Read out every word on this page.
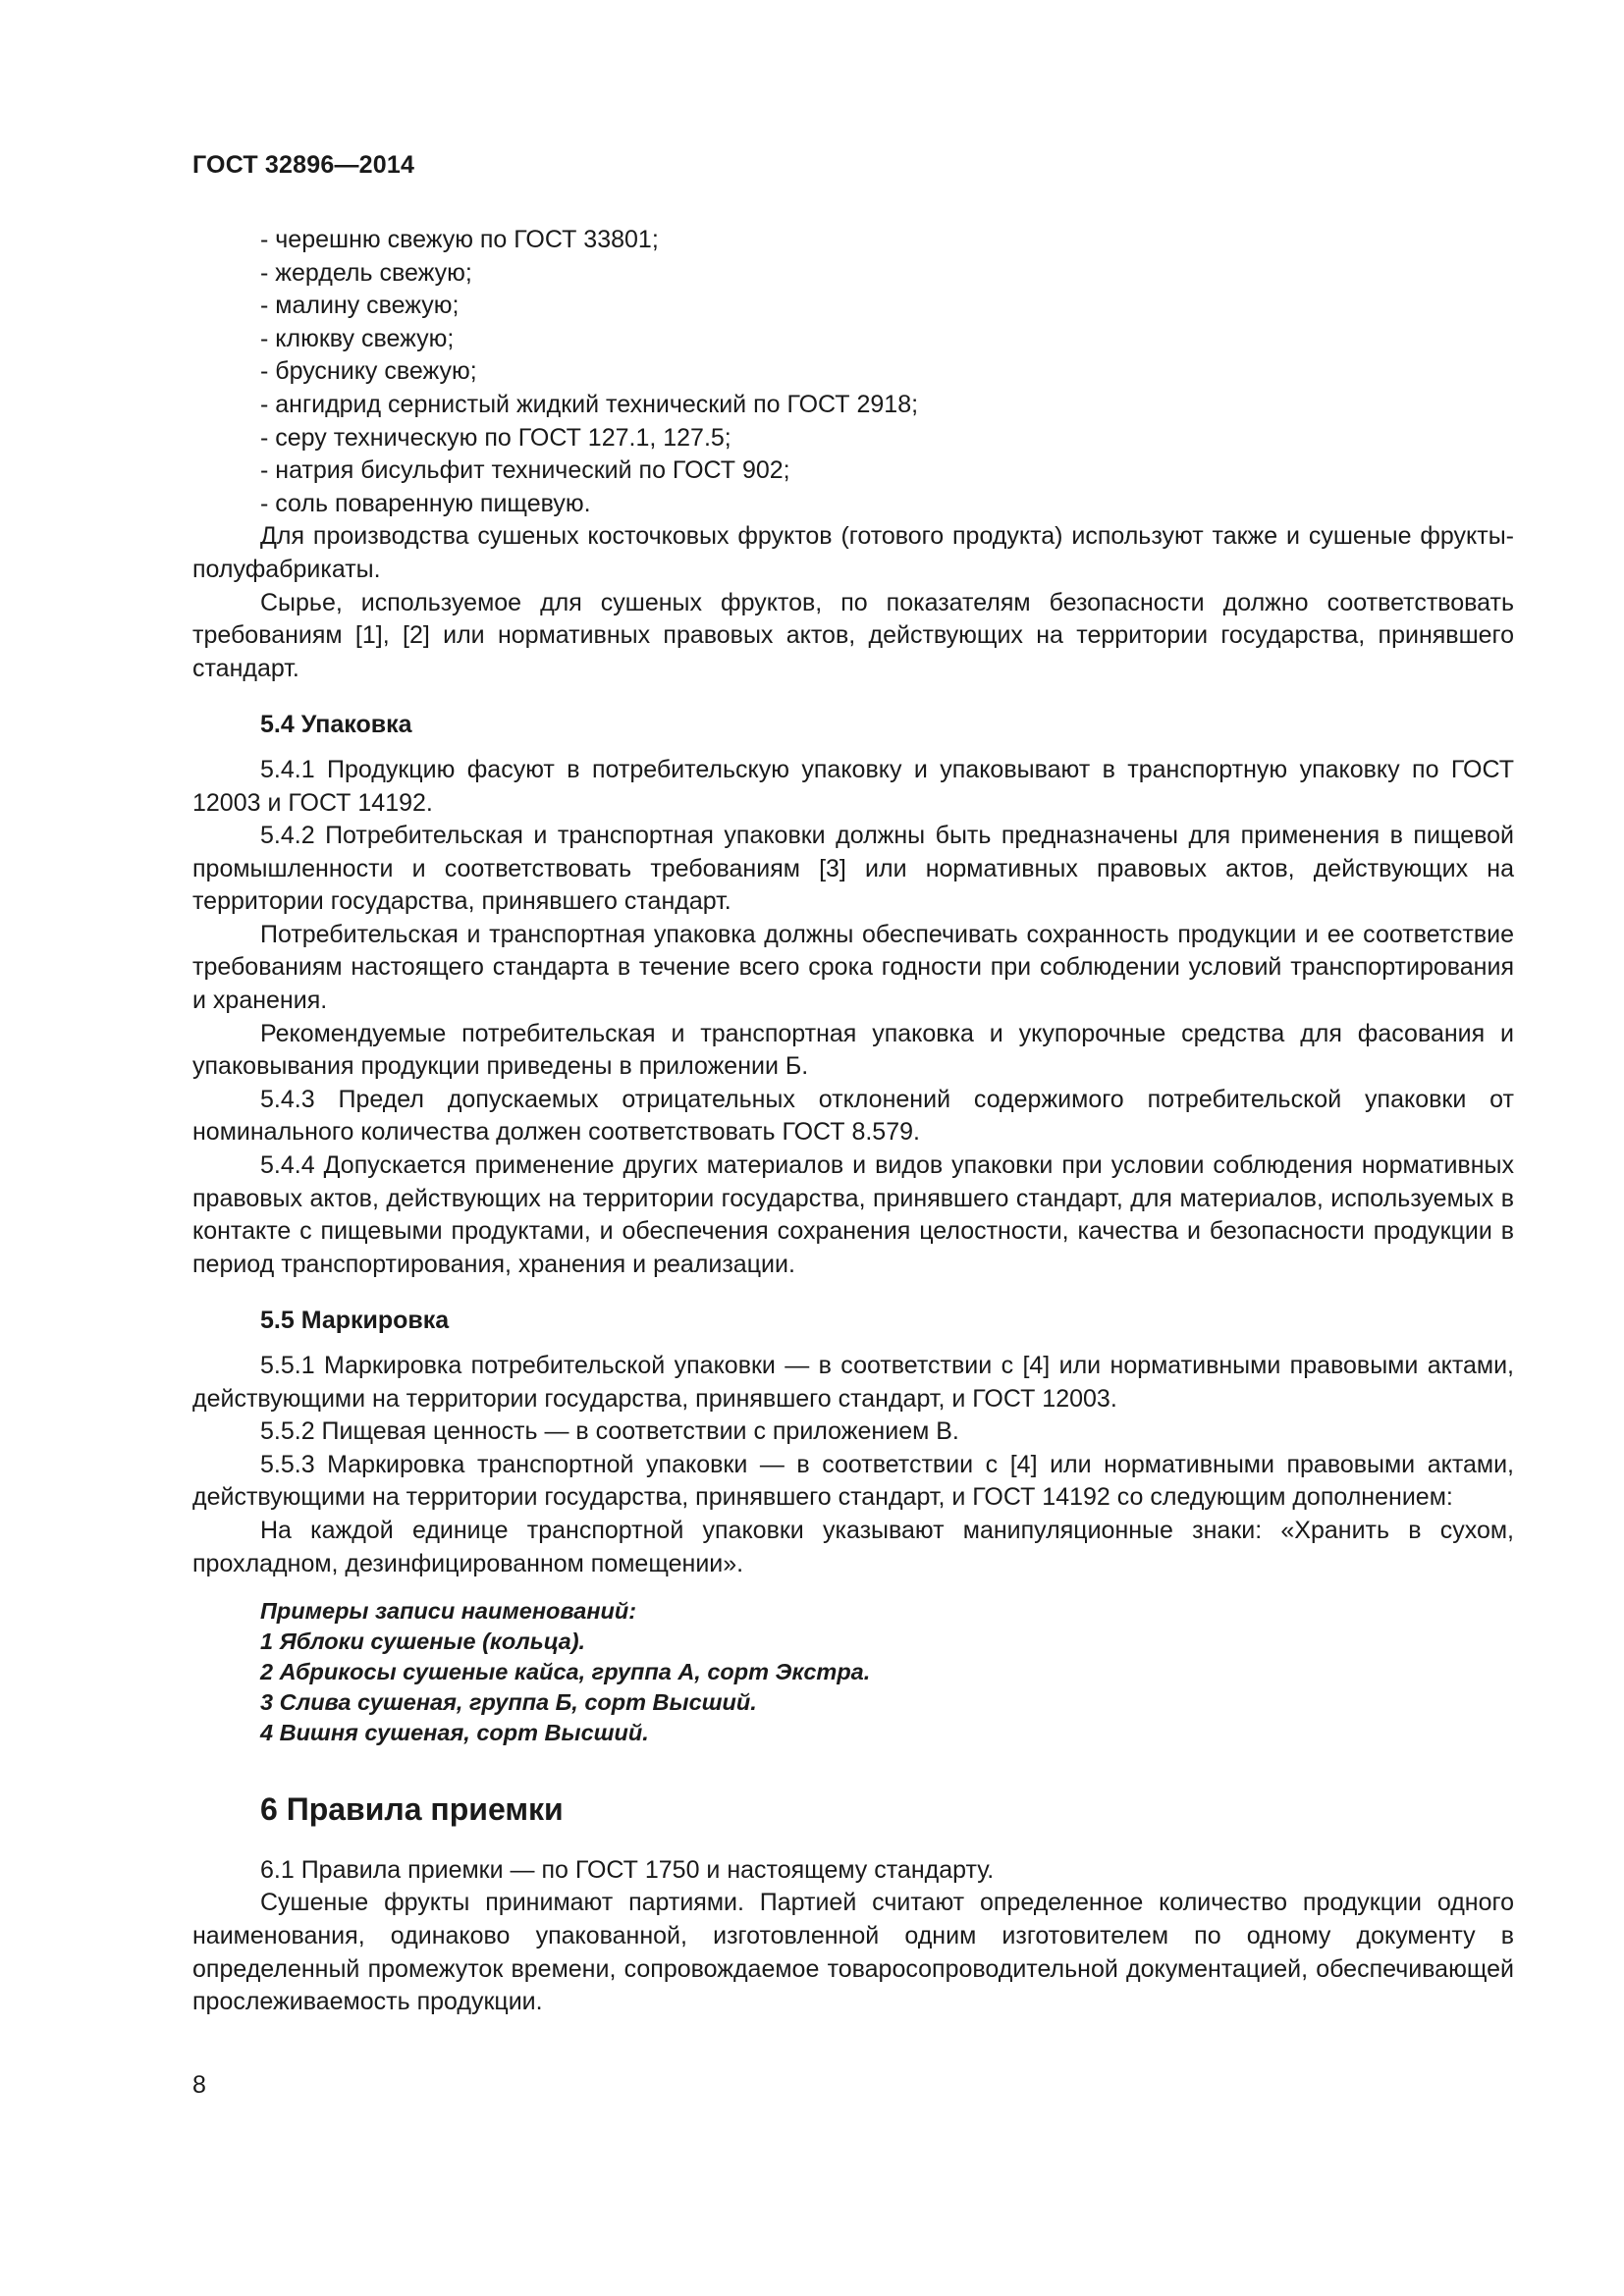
ГОСТ 32896—2014
- черешню свежую по ГОСТ 33801;
- жердель свежую;
- малину свежую;
- клюкву свежую;
- бруснику свежую;
- ангидрид сернистый жидкий технический по ГОСТ 2918;
- серу техническую по ГОСТ 127.1, 127.5;
- натрия бисульфит технический по ГОСТ 902;
- соль поваренную пищевую.
Для производства сушеных косточковых фруктов (готового продукта) используют также и сушеные фрукты-полуфабрикаты.
Сырье, используемое для сушеных фруктов, по показателям безопасности должно соответствовать требованиям [1], [2] или нормативных правовых актов, действующих на территории государства, принявшего стандарт.
5.4 Упаковка
5.4.1 Продукцию фасуют в потребительскую упаковку и упаковывают в транспортную упаковку по ГОСТ 12003 и ГОСТ 14192.
5.4.2 Потребительская и транспортная упаковки должны быть предназначены для применения в пищевой промышленности и соответствовать требованиям [3] или нормативных правовых актов, действующих на территории государства, принявшего стандарт.
Потребительская и транспортная упаковка должны обеспечивать сохранность продукции и ее соответствие требованиям настоящего стандарта в течение всего срока годности при соблюдении условий транспортирования и хранения.
Рекомендуемые потребительская и транспортная упаковка и укупорочные средства для фасования и упаковывания продукции приведены в приложении Б.
5.4.3 Предел допускаемых отрицательных отклонений содержимого потребительской упаковки от номинального количества должен соответствовать ГОСТ 8.579.
5.4.4 Допускается применение других материалов и видов упаковки при условии соблюдения нормативных правовых актов, действующих на территории государства, принявшего стандарт, для материалов, используемых в контакте с пищевыми продуктами, и обеспечения сохранения целостности, качества и безопасности продукции в период транспортирования, хранения и реализации.
5.5 Маркировка
5.5.1 Маркировка потребительской упаковки — в соответствии с [4] или нормативными правовыми актами, действующими на территории государства, принявшего стандарт, и ГОСТ 12003.
5.5.2 Пищевая ценность — в соответствии с приложением В.
5.5.3 Маркировка транспортной упаковки — в соответствии с [4] или нормативными правовыми актами, действующими на территории государства, принявшего стандарт, и ГОСТ 14192 со следующим дополнением:
На каждой единице транспортной упаковки указывают манипуляционные знаки: «Хранить в сухом, прохладном, дезинфицированном помещении».
Примеры записи наименований:
1 Яблоки сушеные (кольца).
2 Абрикосы сушеные кайса, группа А, сорт Экстра.
3 Слива сушеная, группа Б, сорт Высший.
4 Вишня сушеная, сорт Высший.
6 Правила приемки
6.1 Правила приемки — по ГОСТ 1750 и настоящему стандарту.
Сушеные фрукты принимают партиями. Партией считают определенное количество продукции одного наименования, одинаково упакованной, изготовленной одним изготовителем по одному документу в определенный промежуток времени, сопровождаемое товаросопроводительной документацией, обеспечивающей прослеживаемость продукции.
8
